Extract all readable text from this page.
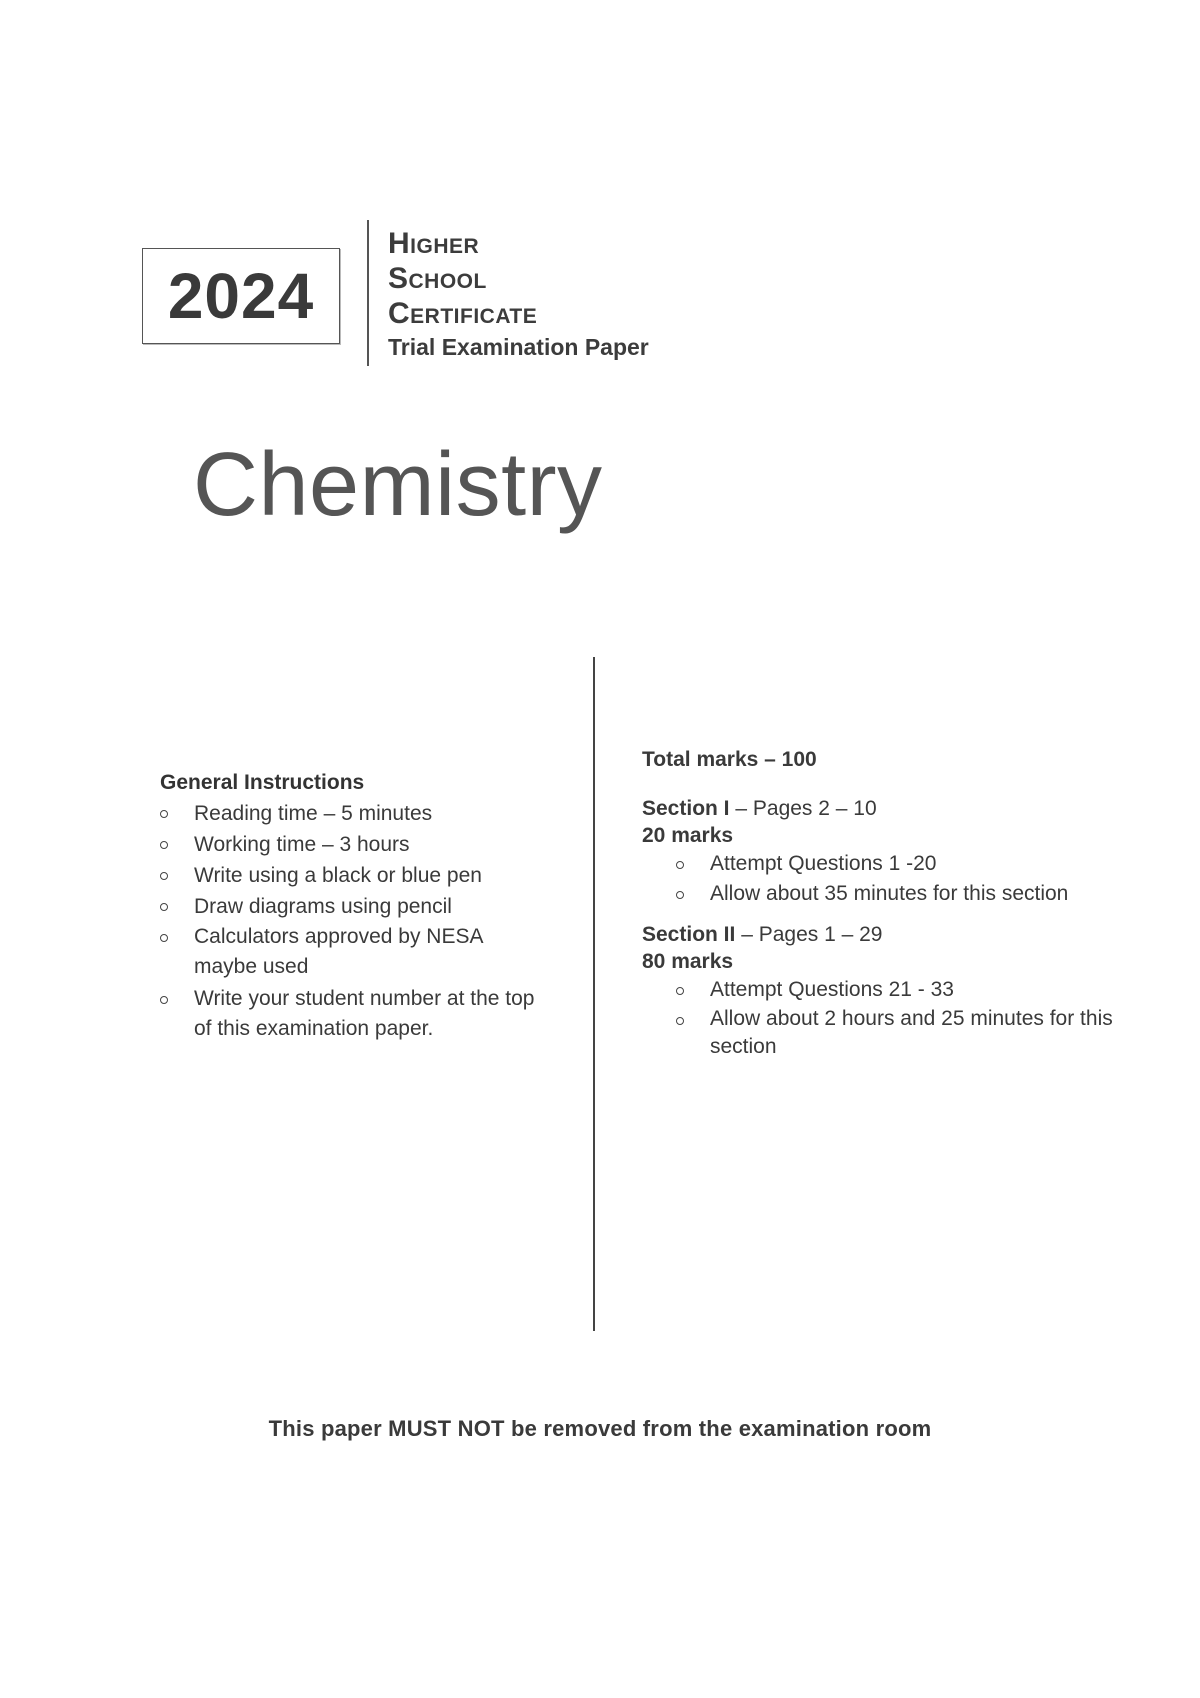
2024
Higher
School
Certificate
Trial Examination Paper
Chemistry
General Instructions
Reading time – 5 minutes
Working time – 3 hours
Write using a black or blue pen
Draw diagrams using pencil
Calculators approved by NESA maybe used
Write your student number at the top of this examination paper.
Total marks – 100
Section I – Pages 2 – 10
20 marks
Attempt Questions 1 -20
Allow about 35 minutes for this section
Section II – Pages 1 – 29
80 marks
Attempt Questions 21 - 33
Allow about 2 hours and 25 minutes for this section
This paper MUST NOT be removed from the examination room
